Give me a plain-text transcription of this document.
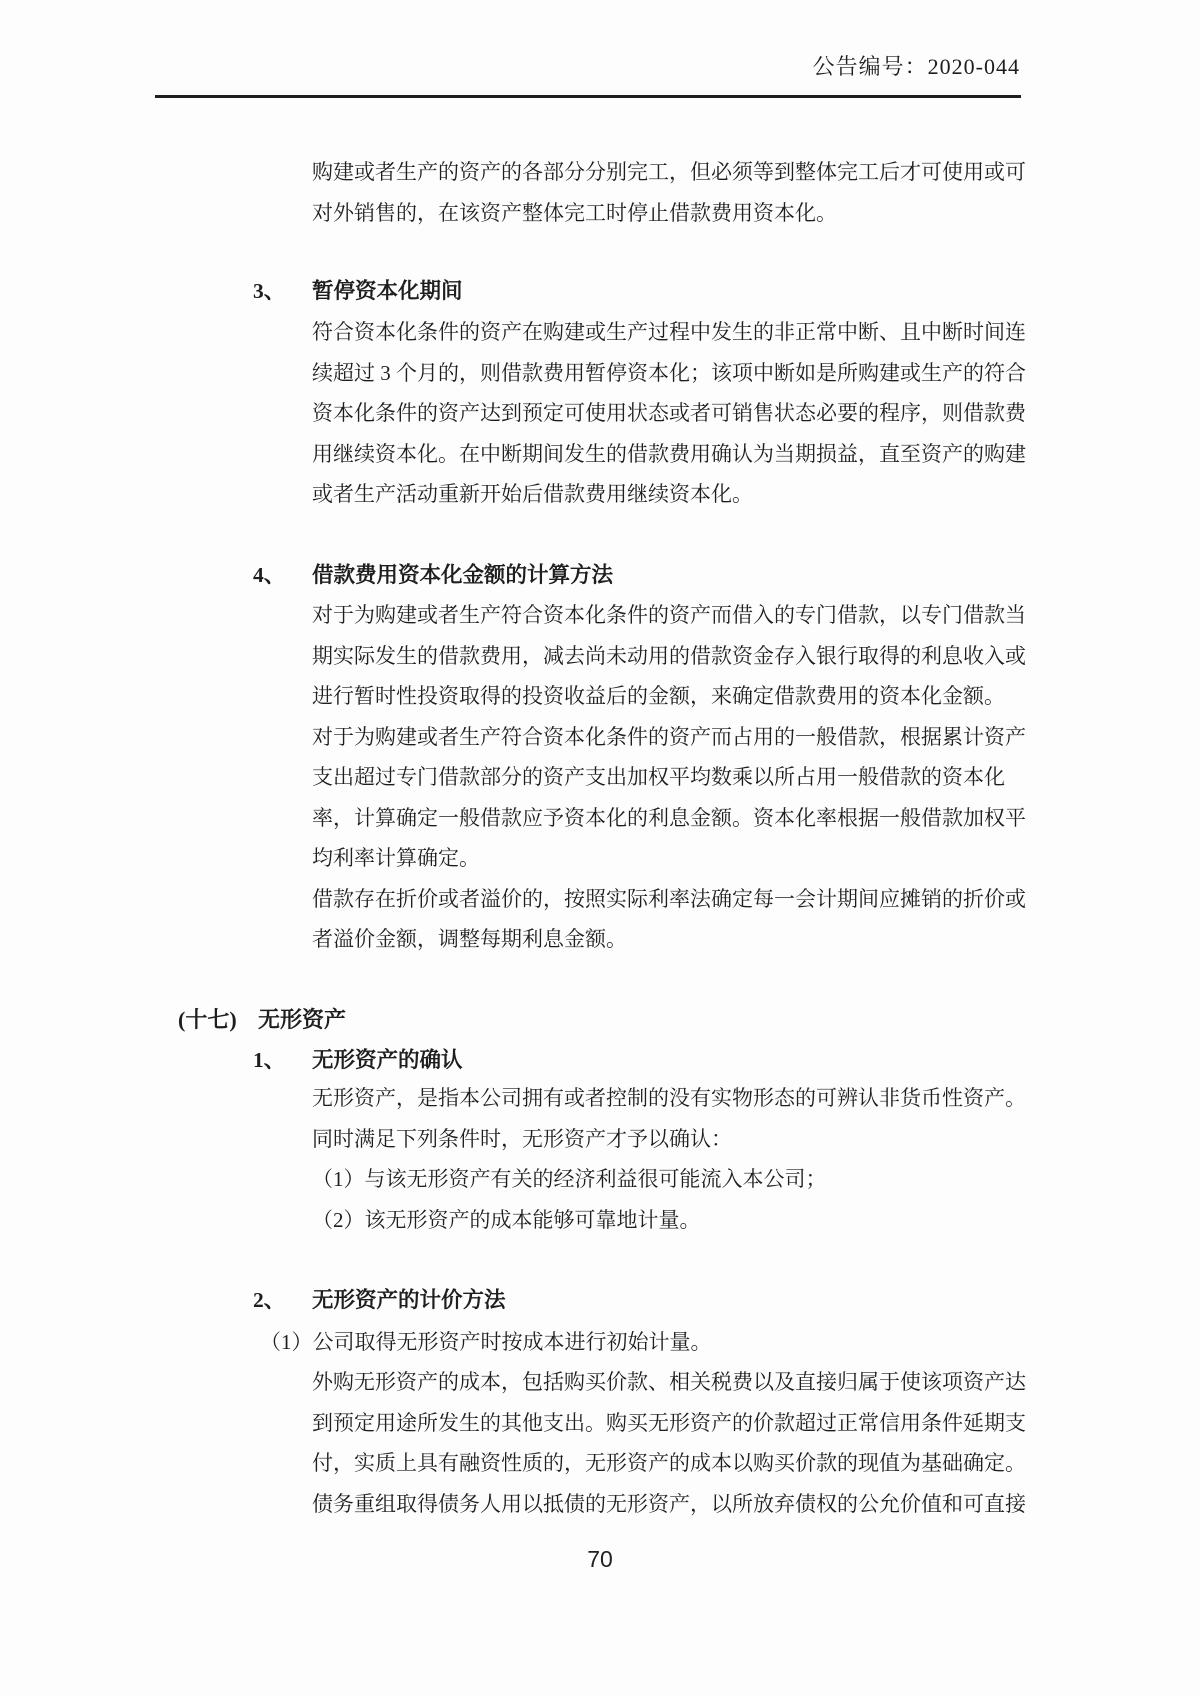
公告编号：2020-044
购建或者生产的资产的各部分分别完工，但必须等到整体完工后才可使用或可
对外销售的，在该资产整体完工时停止借款费用资本化。
3、 暂停资本化期间
符合资本化条件的资产在购建或生产过程中发生的非正常中断、且中断时间连
续超过 3 个月的，则借款费用暂停资本化；该项中断如是所购建或生产的符合
资本化条件的资产达到预定可使用状态或者可销售状态必要的程序，则借款费
用继续资本化。在中断期间发生的借款费用确认为当期损益，直至资产的购建
或者生产活动重新开始后借款费用继续资本化。
4、 借款费用资本化金额的计算方法
对于为购建或者生产符合资本化条件的资产而借入的专门借款，以专门借款当
期实际发生的借款费用，减去尚未动用的借款资金存入银行取得的利息收入或
进行暂时性投资取得的投资收益后的金额，来确定借款费用的资本化金额。
对于为购建或者生产符合资本化条件的资产而占用的一般借款，根据累计资产
支出超过专门借款部分的资产支出加权平均数乘以所占用一般借款的资本化
率，计算确定一般借款应予资本化的利息金额。资本化率根据一般借款加权平
均利率计算确定。
借款存在折价或者溢价的，按照实际利率法确定每一会计期间应摊销的折价或
者溢价金额，调整每期利息金额。
(十七) 无形资产
1、 无形资产的确认
无形资产，是指本公司拥有或者控制的没有实物形态的可辨认非货币性资产。
同时满足下列条件时，无形资产才予以确认：
（1）与该无形资产有关的经济利益很可能流入本公司；
（2）该无形资产的成本能够可靠地计量。
2、 无形资产的计价方法
（1）公司取得无形资产时按成本进行初始计量。
外购无形资产的成本，包括购买价款、相关税费以及直接归属于使该项资产达
到预定用途所发生的其他支出。购买无形资产的价款超过正常信用条件延期支
付，实质上具有融资性质的，无形资产的成本以购买价款的现值为基础确定。
债务重组取得债务人用以抵债的无形资产，以所放弃债权的公允价值和可直接
70
